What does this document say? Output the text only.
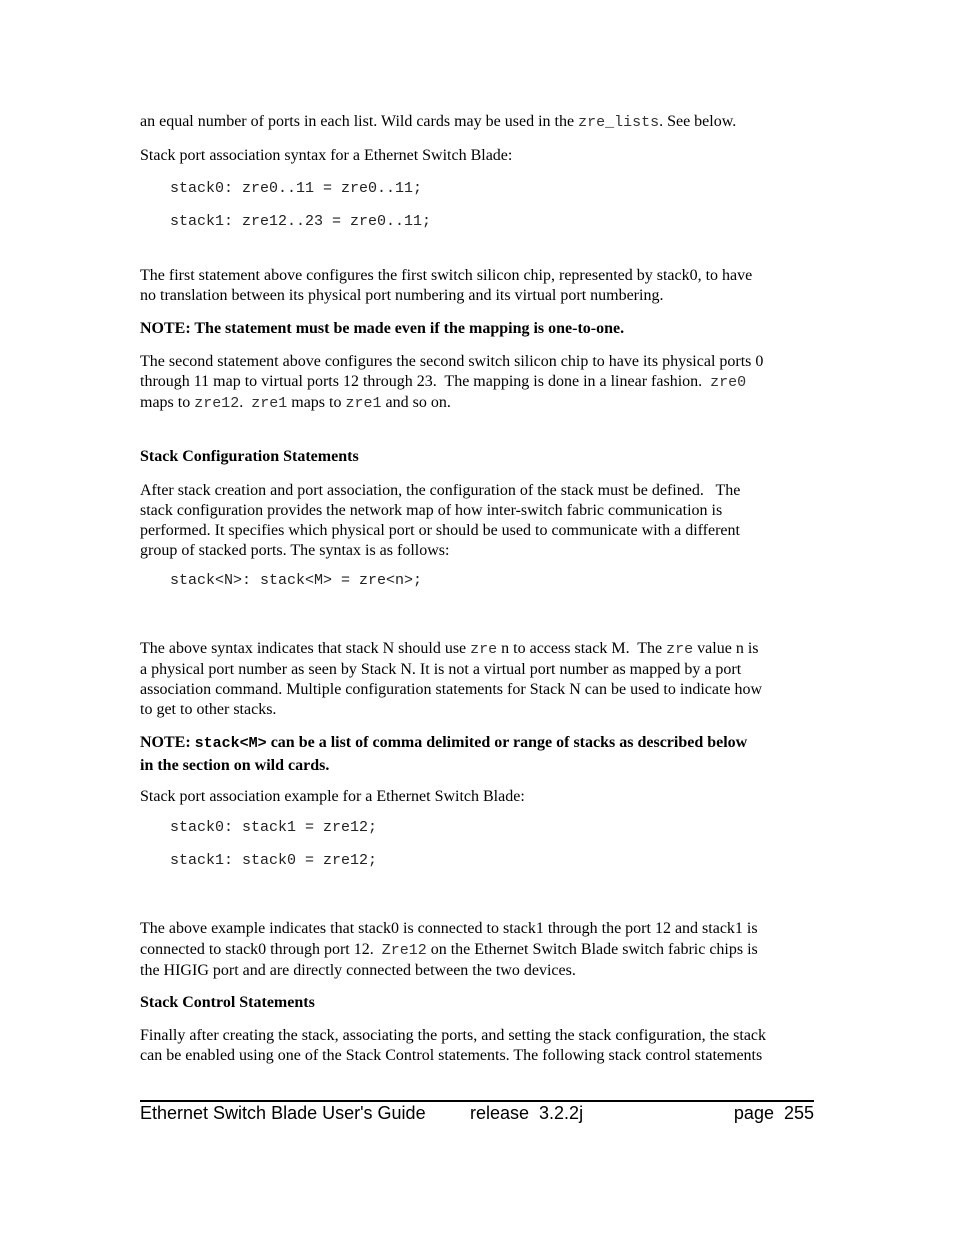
an equal number of ports in each list. Wild cards may be used in the zre_lists. See below.

Stack port association syntax for a Ethernet Switch Blade:

stack0: zre0..11 = zre0..11;
stack1: zre12..23 = zre0..11;

The first statement above configures the first switch silicon chip, represented by stack0, to have
no translation between its physical port numbering and its virtual port numbering.

NOTE: The statement must be made even if the mapping is one-to-one.

The second statement above configures the second switch silicon chip to have its physical ports 0
through 11 map to virtual ports 12 through 23.  The mapping is done in a linear fashion.  zre0
maps to zre12.  zre1 maps to zre1 and so on.

Stack Configuration Statements

After stack creation and port association, the configuration of the stack must be defined.   The
stack configuration provides the network map of how inter-switch fabric communication is
performed. It specifies which physical port or should be used to communicate with a different
group of stacked ports. The syntax is as follows:

stack<N>: stack<M> = zre<n>;

The above syntax indicates that stack N should use zre n to access stack M.  The zre value n is
a physical port number as seen by Stack N. It is not a virtual port number as mapped by a port
association command. Multiple configuration statements for Stack N can be used to indicate how
to get to other stacks.

NOTE: stack<M> can be a list of comma delimited or range of stacks as described below
in the section on wild cards.

Stack port association example for a Ethernet Switch Blade:

stack0: stack1 = zre12;
stack1: stack0 = zre12;

The above example indicates that stack0 is connected to stack1 through the port 12 and stack1 is
connected to stack0 through port 12.  Zre12 on the Ethernet Switch Blade switch fabric chips is
the HIGIG port and are directly connected between the two devices.

Stack Control Statements

Finally after creating the stack, associating the ports, and setting the stack configuration, the stack
can be enabled using one of the Stack Control statements. The following stack control statements

Ethernet Switch Blade User's Guide release  3.2.2j	page  255
